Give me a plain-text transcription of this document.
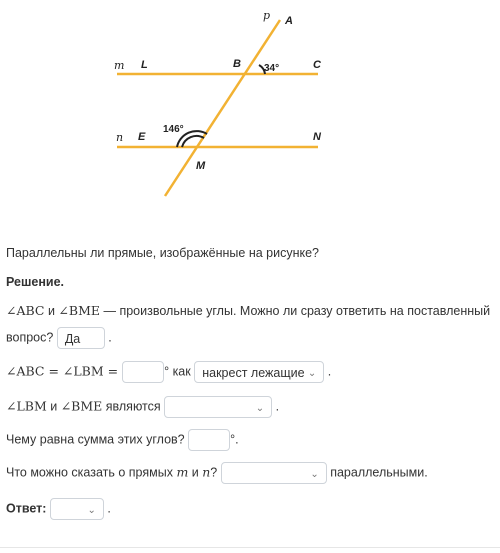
p A
m L	B 34°	C
n E
146°
N
M
Параллельны ли прямые, изображённые на рисунке?
Решение.
∠ABC и ∠BME — произвольные углы. Можно ли сразу ответить на поставленный
вопрос? Да .
∠ABC = ∠LBM =	° как накрест лежащие ⌄ .
∠LBM и ∠BME являются	⌄ .
Чему равна сумма этих углов?	°.
Что можно сказать о прямых m и n?	⌄ параллельными.
Ответ:	⌄ .
